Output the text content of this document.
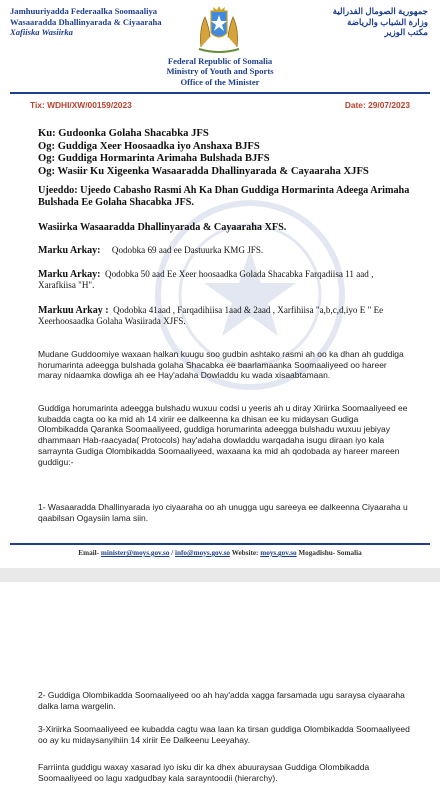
Jamhuuriyadda Federaalka Soomaaliya
Wasaaradda Dhallinyarada & Ciyaaraha
Xafiiska Wasiirka
جمهورية الصومال الفدرالية
وزارة الشباب والرياضة
مكتب الوزير
Federal Republic of Somalia
Ministry of Youth and Sports
Office of the Minister
Tix: WDHI/XW/00159/2023	Date: 29/07/2023
Ku: Gudoonka Golaha Shacabka JFS
Og: Guddiga Xeer Hoosaadka iyo Anshaxa BJFS
Og: Guddiga Hormarinta Arimaha Bulshada BJFS
Og: Wasiir Ku Xigeenka Wasaaradda Dhallinyarada & Cayaaraha XJFS
Ujeeddo: Ujeedo Cabasho Rasmi Ah Ka Dhan Guddiga Hormarinta Adeega Arimaha Bulshada Ee Golaha Shacabka JFS.
Wasiirka Wasaaradda Dhallinyarada & Cayaaraha XFS.
Marku Arkay: Qodobka 69 aad ee Dastuurka KMG JFS.
Marku Arkay: Qodobka 50 aad Ee Xeer hoosaadka Golada Shacabka Farqadiisa 11 aad , Xarafkiisa "H".
Markuu Arkay : Qodobka 41aad , Farqadihiisa 1aad & 2aad , Xarfihiisa "a,b,c,d,iyo E " Ee Xeerhoosaadka Golaha Wasiirada XJFS.
Mudane Guddoomiye waxaan halkan kuugu soo gudbin ashtako rasmi ah oo ka dhan ah guddiga horumarinta adeegga bulshada golaha Shacabka ee baarlamaanka Soomaaliyeed oo hareer maray nidaamka dowliga ah ee Hay'adaha Dowladdu ku wada xisaabtamaan.
Guddiga horumarinta adeegga bulshadu wuxuu codsi u yeeris ah u diray Xiriirka Soomaaliyeed ee kubadda cagta oo ka mid ah 14 xiriir ee dalkeenna ka dhisan ee ku midaysan Gudiga Olombikadda Qaranka Soomaaliyeed, guddiga horumarinta adeegga bulshadu wuxuu jebiyay dhammaan Hab-raacyada( Protocols) hay'adaha dowladdu warqadaha isugu diraan iyo kala sarraynta Gudiga Olombikadda Soomaaliyeed, waxaana ka mid ah qodobada ay hareer mareen guddigu:-
1- Wasaaradda Dhallinyarada iyo ciyaaraha oo ah unugga ugu sareeya ee dalkeenna Ciyaaraha u qaabilsan Ogaysiin lama siin.
Email- minister@moys.gov.so / info@moys.gov.so Website: moys.gov.so Mogadishu- Somalia
2- Guddiga Olombikadda Soomaaliyeed oo ah hay'adda xagga farsamada ugu saraysa ciyaaraha dalka lama wargelin.
3-Xiriirka Soomaaliyeed ee kubadda cagtu waa laan ka tirsan guddiga Olombikadda Soomaaliyeed oo ay ku midaysanyihiin 14 xiriir Ee Dalkeenu Leeyahay.
Farriinta guddigu waxay xasarad iyo isku dir ka dhex abuuraysaa Guddiga Olombikadda Soomaaliyeed oo lagu xadgudbay kala sarayntoodii (hierarchy).
